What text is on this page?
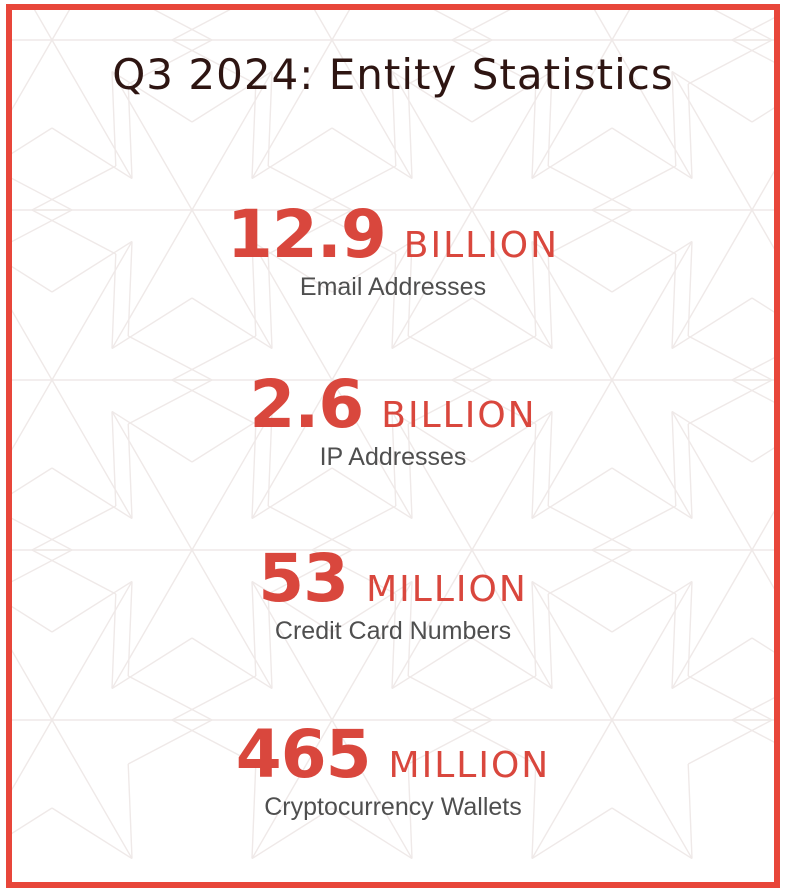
Q3 2024: Entity Statistics
12.9 BILLION
Email Addresses
2.6 BILLION
IP Addresses
53 MILLION
Credit Card Numbers
465 MILLION
Cryptocurrency Wallets
